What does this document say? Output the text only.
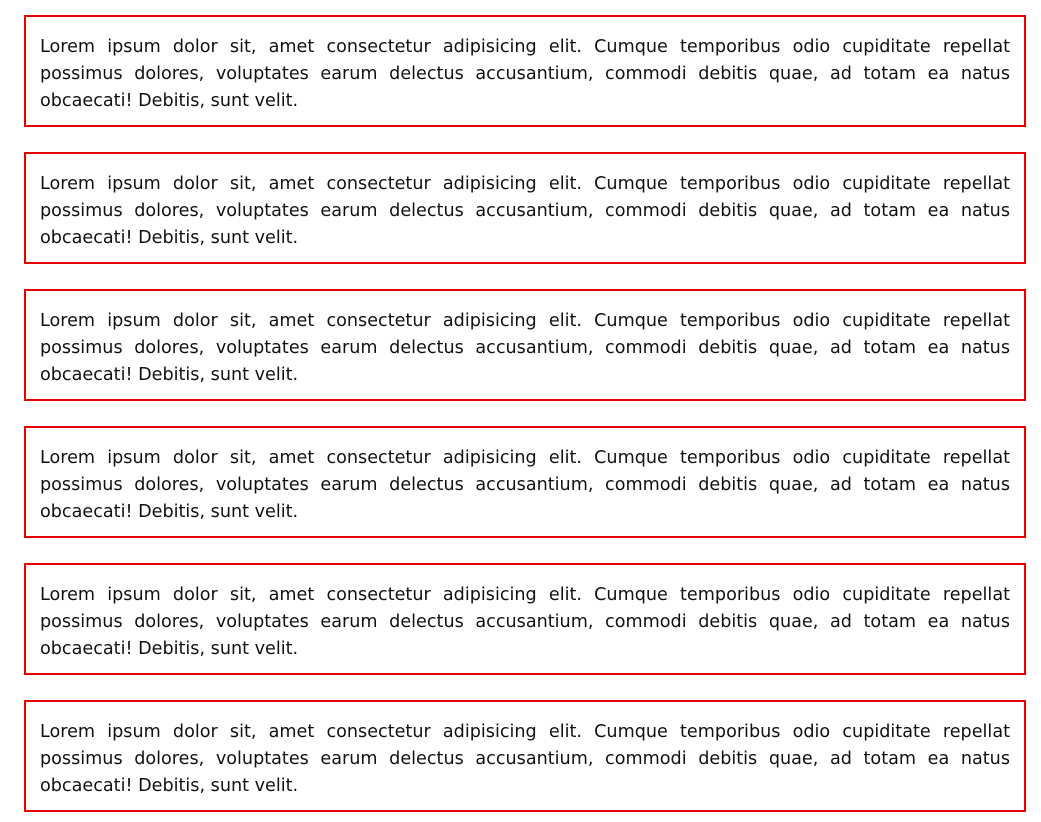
Lorem ipsum dolor sit, amet consectetur adipisicing elit. Cumque temporibus odio cupiditate repellat possimus dolores, voluptates earum delectus accusantium, commodi debitis quae, ad totam ea natus obcaecati! Debitis, sunt velit.
Lorem ipsum dolor sit, amet consectetur adipisicing elit. Cumque temporibus odio cupiditate repellat possimus dolores, voluptates earum delectus accusantium, commodi debitis quae, ad totam ea natus obcaecati! Debitis, sunt velit.
Lorem ipsum dolor sit, amet consectetur adipisicing elit. Cumque temporibus odio cupiditate repellat possimus dolores, voluptates earum delectus accusantium, commodi debitis quae, ad totam ea natus obcaecati! Debitis, sunt velit.
Lorem ipsum dolor sit, amet consectetur adipisicing elit. Cumque temporibus odio cupiditate repellat possimus dolores, voluptates earum delectus accusantium, commodi debitis quae, ad totam ea natus obcaecati! Debitis, sunt velit.
Lorem ipsum dolor sit, amet consectetur adipisicing elit. Cumque temporibus odio cupiditate repellat possimus dolores, voluptates earum delectus accusantium, commodi debitis quae, ad totam ea natus obcaecati! Debitis, sunt velit.
Lorem ipsum dolor sit, amet consectetur adipisicing elit. Cumque temporibus odio cupiditate repellat possimus dolores, voluptates earum delectus accusantium, commodi debitis quae, ad totam ea natus obcaecati! Debitis, sunt velit.
